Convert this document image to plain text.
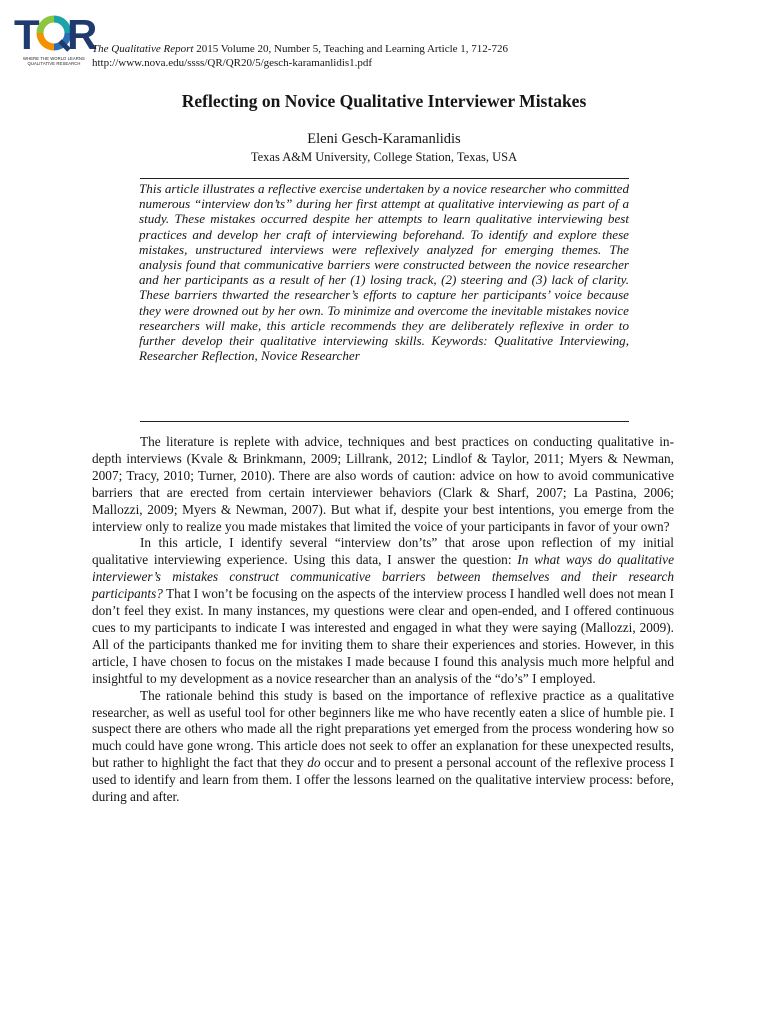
T R
WHERE THE WORLD LEARNS
QUALITATIVE RESEARCH
The Qualitative Report 2015 Volume 20, Number 5, Teaching and Learning Article 1, 712-726
http://www.nova.edu/ssss/QR/QR20/5/gesch-karamanlidis1.pdf
Reflecting on Novice Qualitative Interviewer Mistakes
Eleni Gesch-Karamanlidis
Texas A&M University, College Station, Texas, USA
This article illustrates a reflective exercise undertaken by a novice researcher who committed numerous “interview don’ts” during her first attempt at qualitative interviewing as part of a study. These mistakes occurred despite her attempts to learn qualitative interviewing best practices and develop her craft of interviewing beforehand. To identify and explore these mistakes, unstructured interviews were reflexively analyzed for emerging themes. The analysis found that communicative barriers were constructed between the novice researcher and her participants as a result of her (1) losing track, (2) steering and (3) lack of clarity. These barriers thwarted the researcher’s efforts to capture her participants’ voice because they were drowned out by her own. To minimize and overcome the inevitable mistakes novice researchers will make, this article recommends they are deliberately reflexive in order to further develop their qualitative interviewing skills. Keywords: Qualitative Interviewing, Researcher Reflection, Novice Researcher

The literature is replete with advice, techniques and best practices on conducting qualitative in-depth interviews (Kvale & Brinkmann, 2009; Lillrank, 2012; Lindlof & Taylor, 2011; Myers & Newman, 2007; Tracy, 2010; Turner, 2010). There are also words of caution: advice on how to avoid communicative barriers that are erected from certain interviewer behaviors (Clark & Sharf, 2007; La Pastina, 2006; Mallozzi, 2009; Myers & Newman, 2007). But what if, despite your best intentions, you emerge from the interview only to realize you made mistakes that limited the voice of your participants in favor of your own?

In this article, I identify several “interview don’ts” that arose upon reflection of my initial qualitative interviewing experience. Using this data, I answer the question: In what ways do qualitative interviewer’s mistakes construct communicative barriers between themselves and their research participants? That I won’t be focusing on the aspects of the interview process I handled well does not mean I don’t feel they exist. In many instances, my questions were clear and open-ended, and I offered continuous cues to my participants to indicate I was interested and engaged in what they were saying (Mallozzi, 2009). All of the participants thanked me for inviting them to share their experiences and stories. However, in this article, I have chosen to focus on the mistakes I made because I found this analysis much more helpful and insightful to my development as a novice researcher than an analysis of the “do’s” I employed.

The rationale behind this study is based on the importance of reflexive practice as a qualitative researcher, as well as useful tool for other beginners like me who have recently eaten a slice of humble pie. I suspect there are others who made all the right preparations yet emerged from the process wondering how so much could have gone wrong. This article does not seek to offer an explanation for these unexpected results, but rather to highlight the fact that they do occur and to present a personal account of the reflexive process I used to identify and learn from them. I offer the lessons learned on the qualitative interview process: before, during and after.
